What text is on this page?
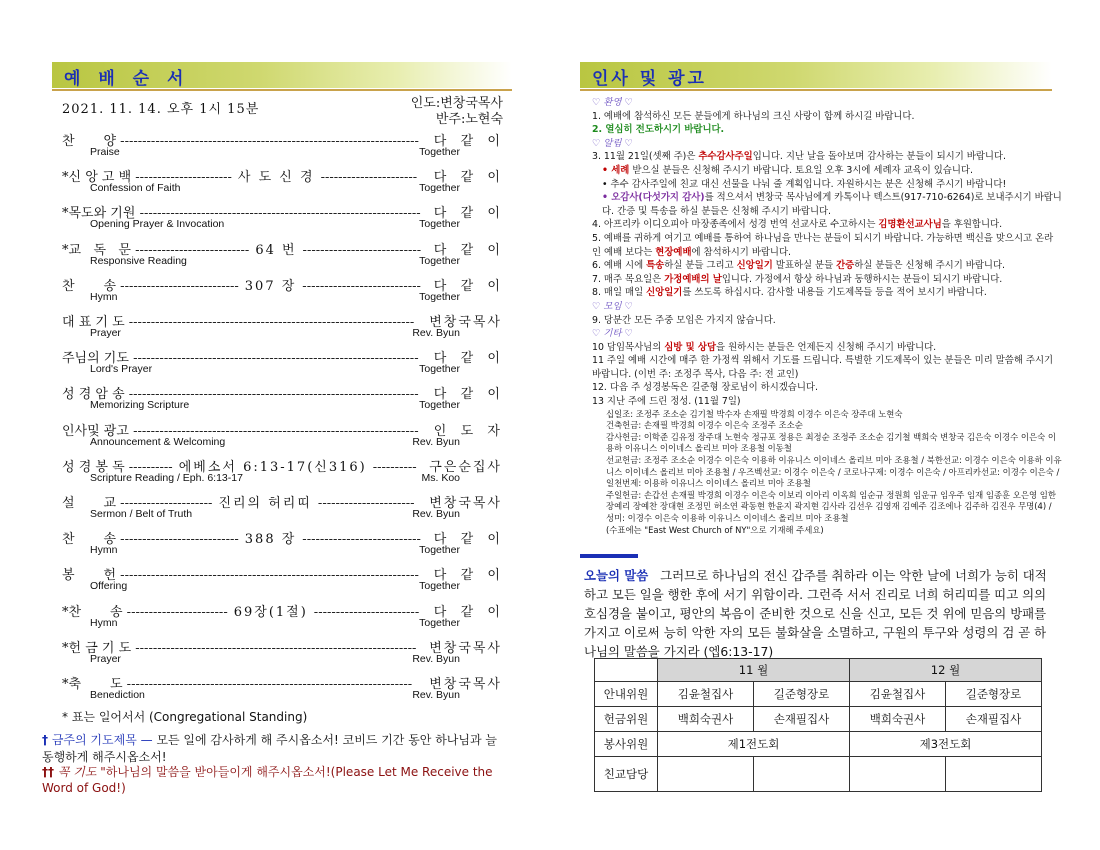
예 배 순 서
2021. 11. 14. 오후 1시 15분	인도:변창국목사
반주:노현숙
찬       양 -------------------------------------------------------------------- 다  같  이
Praise	Together
*신 앙 고 백 ---------------------- 사 도 신 경 ---------------------- 다  같  이
Confession of Faith	Together
*목도와 기원 ---------------------------------------------------------------- 다  같  이
Opening Prayer & Invocation	Together
*교   독   문 -------------------------- 64 번 --------------------------- 다  같  이
Responsive Reading	Together
찬       송 --------------------------- 307 장 --------------------------- 다  같  이
Hymn	Together
대 표 기 도 ----------------------------------------------------------------- 변창국목사
Prayer	Rev. Byun
주님의 기도 ----------------------------------------------------------------- 다  같  이
Lord's Prayer	Together
성 경 암 송 ------------------------------------------------------------------ 다  같  이
Memorizing Scripture	Together
인사및 광고 ----------------------------------------------------------------- 인  도  자
Announcement & Welcoming	Rev. Byun
성 경 봉 독 ---------- 에베소서 6:13-17(신316) ---------- 구은순집사
Scripture Reading / Eph. 6:13-17	Ms. Koo
설       교 --------------------- 진리의 허리띠 ---------------------- 변창국목사
Sermon / Belt of Truth	Rev. Byun
찬       송 --------------------------- 388 장 --------------------------- 다  같  이
Hymn	Together
봉       헌 -------------------------------------------------------------------- 다  같  이
Offering	Together
*찬       송 ----------------------- 69장(1절) ------------------------ 다  같  이
Hymn	Together
*헌 금 기 도 ---------------------------------------------------------------- 변창국목사
Prayer	Rev. Byun
*축       도 ----------------------------------------------------------------- 변창국목사
Benediction	Rev. Byun
* 표는 일어서서 (Congregational Standing)
† 금주의 기도제목 — 모든 일에 감사하게 해 주시옵소서! 코비드 기간 동안 하나님과 늘 동행하게 해주시옵소서!
†† 꼭 기도 "하나님의 말씀을 받아들이게 해주시옵소서!(Please Let Me Receive the Word of God!)
인사 및 광고
♡ 환영 ♡
1. 예배에 참석하신 모든 분들에게 하나님의 크신 사랑이 함께 하시길 바랍니다.
2. 열심히 전도하시기 바랍니다.
♡ 알림 ♡
3. 11월 21일(셋째 주)은 추수감사주일입니다. 지난 날을 돌아보며 감사하는 분들이 되시기 바랍니다.
• 세례 받으실 분들은 신청해 주시기 바랍니다. 토요일 오후 3시에 세례자 교육이 있습니다.
• 추수 감사주일에 친교 대신 선물을 나눠 줄 계획입니다. 자원하시는 분은 신청해 주시기 바랍니다!
• 오감사(다섯가지 감사)를 적으셔서 변창국 목사님에게 카톡이나 텍스트(917-710-6264)로 보내주시기 바랍니다. 간증 및 특송을 하실 분들은 신청해 주시기 바랍니다.
4. 아프리카 이디오피아 마장종족에서 성경 번역 선교사로 수고하시는 김명환선교사님을 후원합니다.
5. 예배를 귀하게 여기고 예배를 통하여 하나님을 만나는 분들이 되시기 바랍니다. 가능하면 백신을 맞으시고 온라인 예배 보다는 현장예배에 참석하시기 바랍니다.
6. 예배 시에 특송하실 분들 그리고 신앙일기 발표하실 분들 간증하실 분들은 신청해 주시기 바랍니다.
7. 매주 목요일은 가정예배의 날입니다. 가정에서 항상 하나님과 동행하시는 분들이 되시기 바랍니다.
8. 매일 매일 신앙일기를 쓰도록 하십시다. 감사할 내용들 기도제목들 등을 적어 보시기 바랍니다.
♡ 모임 ♡
9. 당분간 모든 주중 모임은 가지지 않습니다.
♡ 기타 ♡
10 담임목사님의 심방 및 상담을 원하시는 분들은 언제든지 신청해 주시기 바랍니다.
11 주일 예배 시간에 매주 한 가정씩 위해서 기도를 드립니다. 특별한 기도제목이 있는 분들은 미리 말씀해 주시기 바랍니다. (이번 주: 조정주 목사, 다음 주: 전 교인)
12. 다음 주 성경봉독은 길준형 장로님이 하시겠습니다.
13 지난 주에 드린 정성. (11월 7일)
십일조: 조정주 조소순 김기철 박수자 손재필 박경희 이경수 이은숙 장주대 노현숙
건축헌금: 손재필 박경희 이경수 이은숙 조정주 조소순
감사헌금: 이학준 김유정 장주대 노현숙 정규포 정용은 최정순 조정주 조소순 김기철 백희숙 변창국 김은숙 이경수 이은숙 이용하 이유니스 이이네스 올리브 미아 조용철 이동철
선교헌금: 조정주 조소순 이경수 이은숙 이용하 이유니스 이이네스 올리브 미아 조용철 / 북한선교: 이경수 이은숙 이용하 이유니스 이이네스 올리브 미아 조용철 / 우즈벡선교: 이경수 이은숙 / 코로나구제: 이경수 이은숙 / 아프리카선교: 이경수 이은숙 / 일천번제: 이용하 이유니스 이이네스 올리브 미아 조용철
주일헌금: 손갑선 손재필 박경희 이경수 이은숙 이보리 이아리 이옥희 임순규 정원희 임운규 임우주 임재 임종훈 오은영 임한 장예리 장예찬 장대현 조정민 허소연 곽동현 한윤지 곽지현 김사라 김선우 김영재 김예주 김조에나 김주하 김진우 무명(4) / 성미: 이경수 이은숙 이용하 이유니스 이이네스 올리브 미아 조용철
(수표에는 "East West Church of NY"으로 기재해 주세요)
오늘의 말씀 그러므로 하나님의 전신 갑주를 취하라 이는 악한 날에 너희가 능히 대적하고 모든 일을 행한 후에 서기 위함이라. 그런즉 서서 진리로 너희 허리띠를 띠고 의의 호심경을 붙이고, 평안의 복음이 준비한 것으로 신을 신고, 모든 것 위에 믿음의 방패를 가지고 이로써 능히 악한 자의 모든 불화살을 소멸하고, 구원의 투구와 성령의 검 곧 하나님의 말씀을 가지라 (엡6:13-17)
	11 월		12 월	
안내위원	김윤철집사	길준형장로	김윤철집사	길준형장로
헌금위원	백희숙권사	손재필집사	백희숙권사	손재필집사
봉사위원	제1전도회		제3전도회	
친교담당				
